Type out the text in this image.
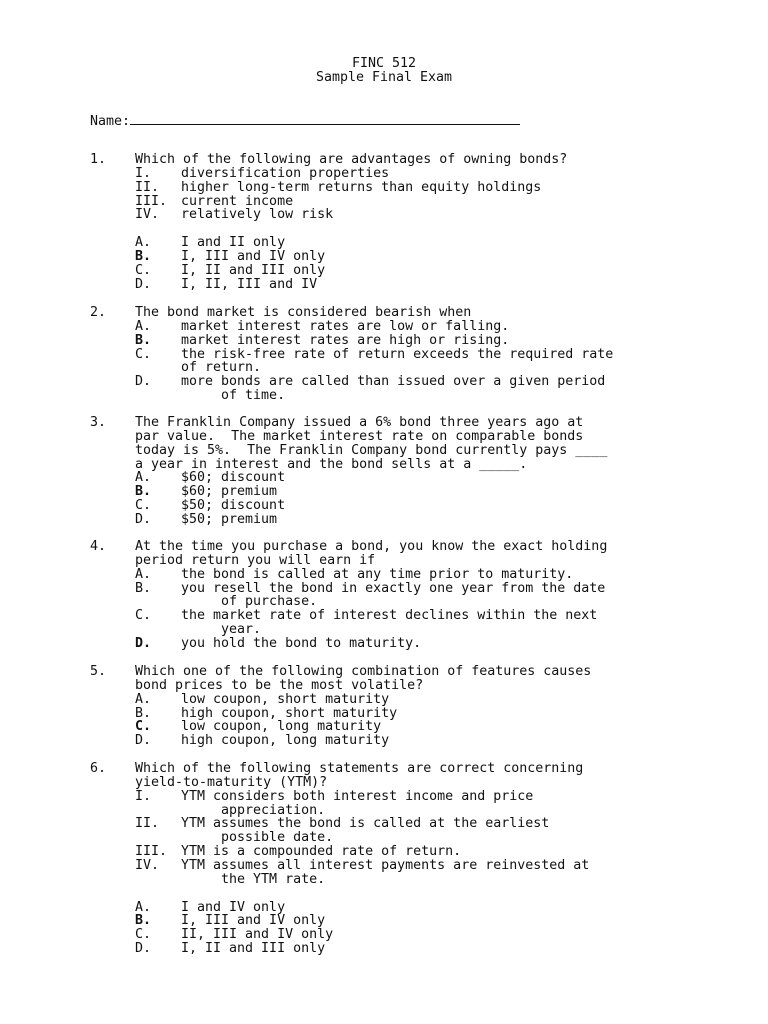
FINC 512
Sample Final Exam
Name:
1. Which of the following are advantages of owning bonds?
I. diversification properties
II. higher long-term returns than equity holdings
III. current income
IV. relatively low risk
A. I and II only
B. I, III and IV only
C. I, II and III only
D. I, II, III and IV
2. The bond market is considered bearish when
A. market interest rates are low or falling.
B. market interest rates are high or rising.
C. the risk-free rate of return exceeds the required rate
of return.
D. more bonds are called than issued over a given period
of time.
3. The Franklin Company issued a 6% bond three years ago at
par value.  The market interest rate on comparable bonds
today is 5%.  The Franklin Company bond currently pays ____
a year in interest and the bond sells at a _____.
A. $60; discount
B. $60; premium
C. $50; discount
D. $50; premium
4. At the time you purchase a bond, you know the exact holding
period return you will earn if
A. the bond is called at any time prior to maturity.
B. you resell the bond in exactly one year from the date
of purchase.
C. the market rate of interest declines within the next
year.
D. you hold the bond to maturity.
5. Which one of the following combination of features causes
bond prices to be the most volatile?
A. low coupon, short maturity
B. high coupon, short maturity
C. low coupon, long maturity
D. high coupon, long maturity
6. Which of the following statements are correct concerning
yield-to-maturity (YTM)?
I. YTM considers both interest income and price
appreciation.
II. YTM assumes the bond is called at the earliest
possible date.
III. YTM is a compounded rate of return.
IV. YTM assumes all interest payments are reinvested at
the YTM rate.
A. I and IV only
B. I, III and IV only
C. II, III and IV only
D. I, II and III only
